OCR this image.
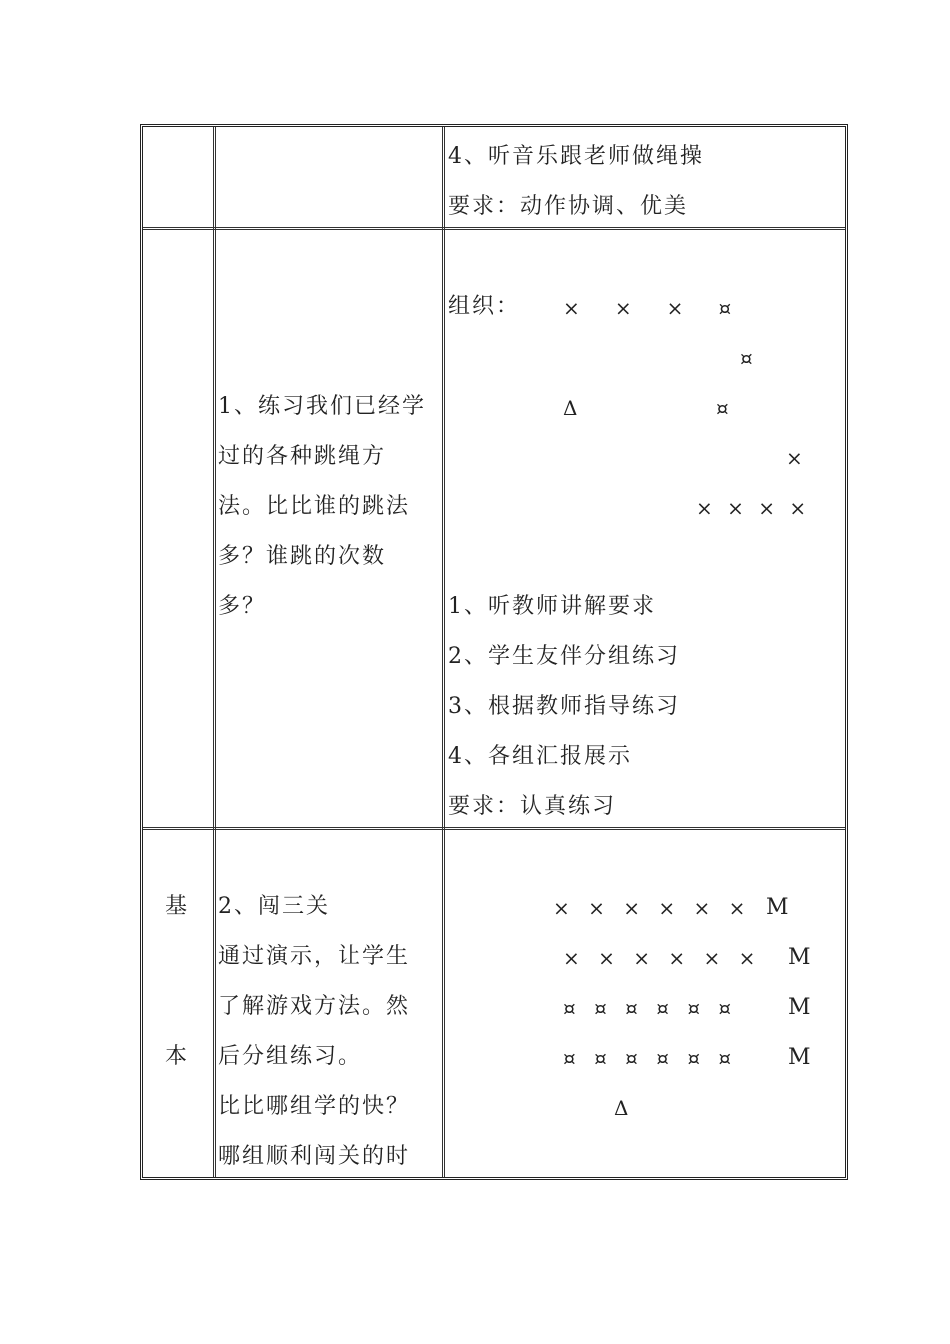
4、听音乐跟老师做绳操
要求：动作协调、优美
1、练习我们已经学
过的各种跳绳方
法。比比谁的跳法
多？谁跳的次数
多？
组织： ×   ×   ×   ¤
¤
Δ	¤
×
× × × ×
1、听教师讲解要求
2、学生友伴分组练习
3、根据教师指导练习
4、各组汇报展示
要求：认真练习
基
本
2、闯三关
通过演示，让学生
了解游戏方法。然
后分组练习。
比比哪组学的快？
哪组顺利闯关的时
× × × × × × M
× × × × × × M
¤ ¤ ¤ ¤ ¤ ¤ M
¤ ¤ ¤ ¤ ¤ ¤ M
Δ
